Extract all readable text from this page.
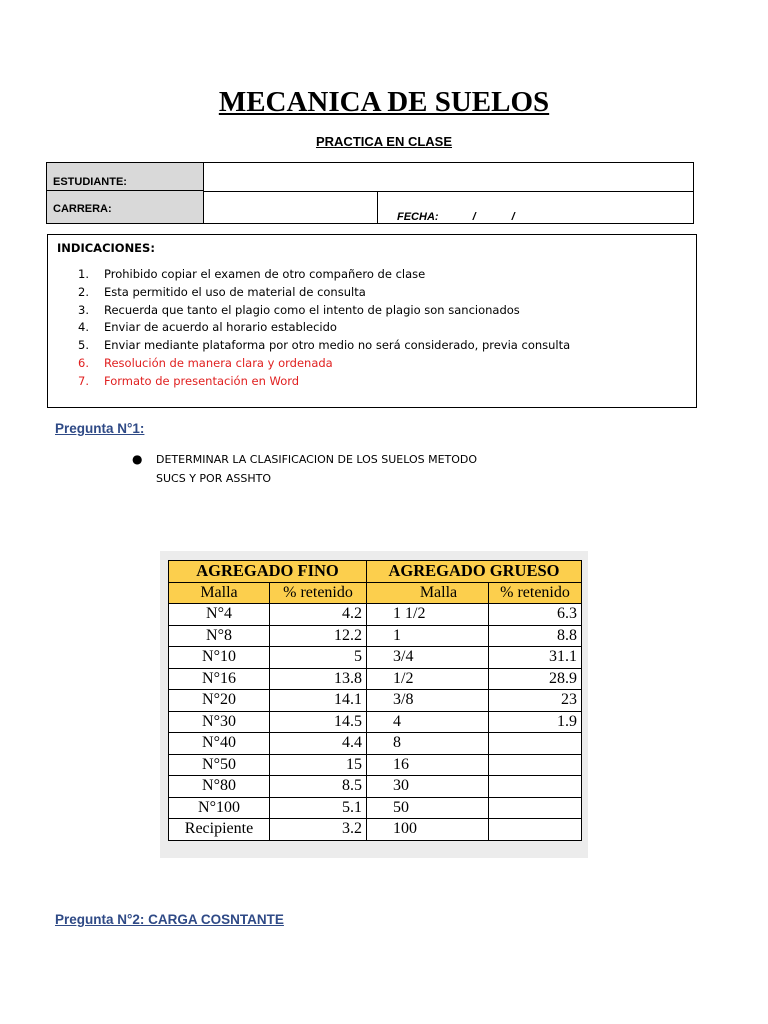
MECANICA DE SUELOS
PRACTICA EN CLASE
ESTUDIANTE:
CARRERA:
FECHA:	/	/
INDICACIONES:
1. Prohibido copiar el examen de otro compañero de clase
2. Esta permitido el uso de material de consulta
3. Recuerda que tanto el plagio como el intento de plagio son sancionados
4. Enviar de acuerdo al horario establecido
5. Enviar mediante plataforma por otro medio no será considerado, previa consulta
6. Resolución de manera clara y ordenada
7. Formato de presentación en Word
Pregunta N°1:
● DETERMINAR LA CLASIFICACION DE LOS SUELOS METODO
SUCS Y POR ASSHTO
AGREGADO FINO		AGREGADO GRUESO	
Malla	% retenido	Malla	% retenido
N°4	4.2	1 1/2	6.3
N°8	12.2	1	8.8
N°10	5	3/4	31.1
N°16	13.8	1/2	28.9
N°20	14.1	3/8	23
N°30	14.5	4	1.9
N°40	4.4	8	
N°50	15	16	
N°80	8.5	30	
N°100	5.1	50	
Recipiente	3.2	100	
Pregunta N°2: CARGA COSNTANTE
